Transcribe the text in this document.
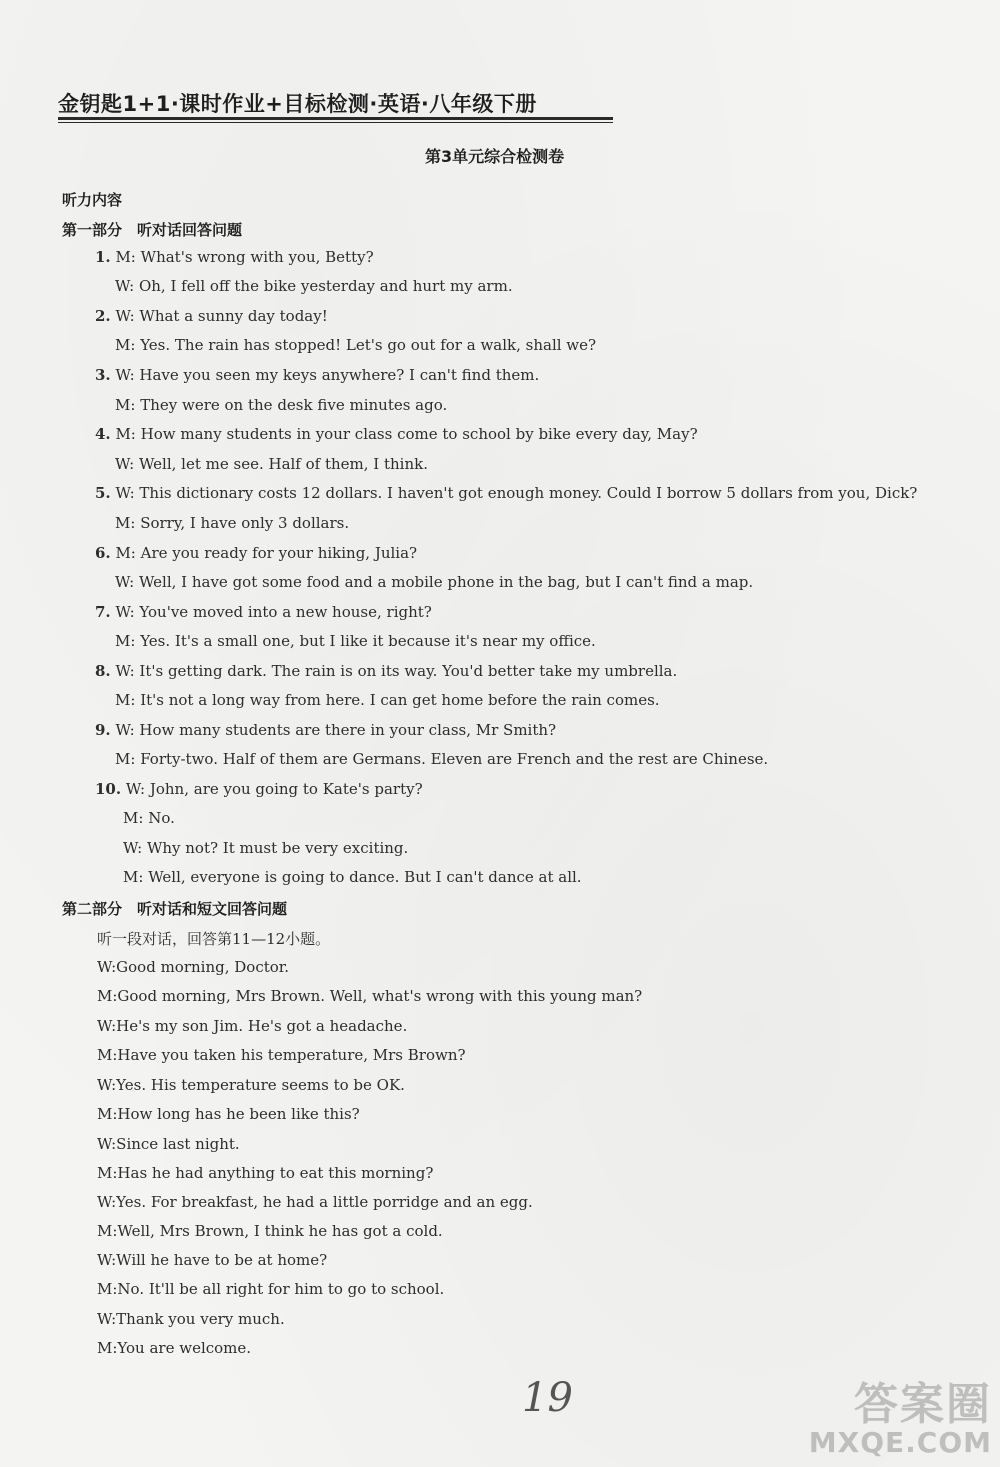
金钥匙1+1·课时作业+目标检测·英语·八年级下册
第3单元综合检测卷
听力内容
第一部分　听对话回答问题
1. M: What's wrong with you, Betty?
W: Oh, I fell off the bike yesterday and hurt my arm.
2. W: What a sunny day today!
M: Yes. The rain has stopped! Let's go out for a walk, shall we?
3. W: Have you seen my keys anywhere? I can't find them.
M: They were on the desk five minutes ago.
4. M: How many students in your class come to school by bike every day, May?
W: Well, let me see. Half of them, I think.
5. W: This dictionary costs 12 dollars. I haven't got enough money. Could I borrow 5 dollars from you, Dick?
M: Sorry, I have only 3 dollars.
6. M: Are you ready for your hiking, Julia?
W: Well, I have got some food and a mobile phone in the bag, but I can't find a map.
7. W: You've moved into a new house, right?
M: Yes. It's a small one, but I like it because it's near my office.
8. W: It's getting dark. The rain is on its way. You'd better take my umbrella.
M: It's not a long way from here. I can get home before the rain comes.
9. W: How many students are there in your class, Mr Smith?
M: Forty-two. Half of them are Germans. Eleven are French and the rest are Chinese.
10. W: John, are you going to Kate's party?
M: No.
W: Why not? It must be very exciting.
M: Well, everyone is going to dance. But I can't dance at all.
第二部分　听对话和短文回答问题
听一段对话，回答第11—12小题。
W:Good morning, Doctor.
M:Good morning, Mrs Brown. Well, what's wrong with this young man?
W:He's my son Jim. He's got a headache.
M:Have you taken his temperature, Mrs Brown?
W:Yes. His temperature seems to be OK.
M:How long has he been like this?
W:Since last night.
M:Has he had anything to eat this morning?
W:Yes. For breakfast, he had a little porridge and an egg.
M:Well, Mrs Brown, I think he has got a cold.
W:Will he have to be at home?
M:No. It'll be all right for him to go to school.
W:Thank you very much.
M:You are welcome.
19	答案圈
MXQE.COM
